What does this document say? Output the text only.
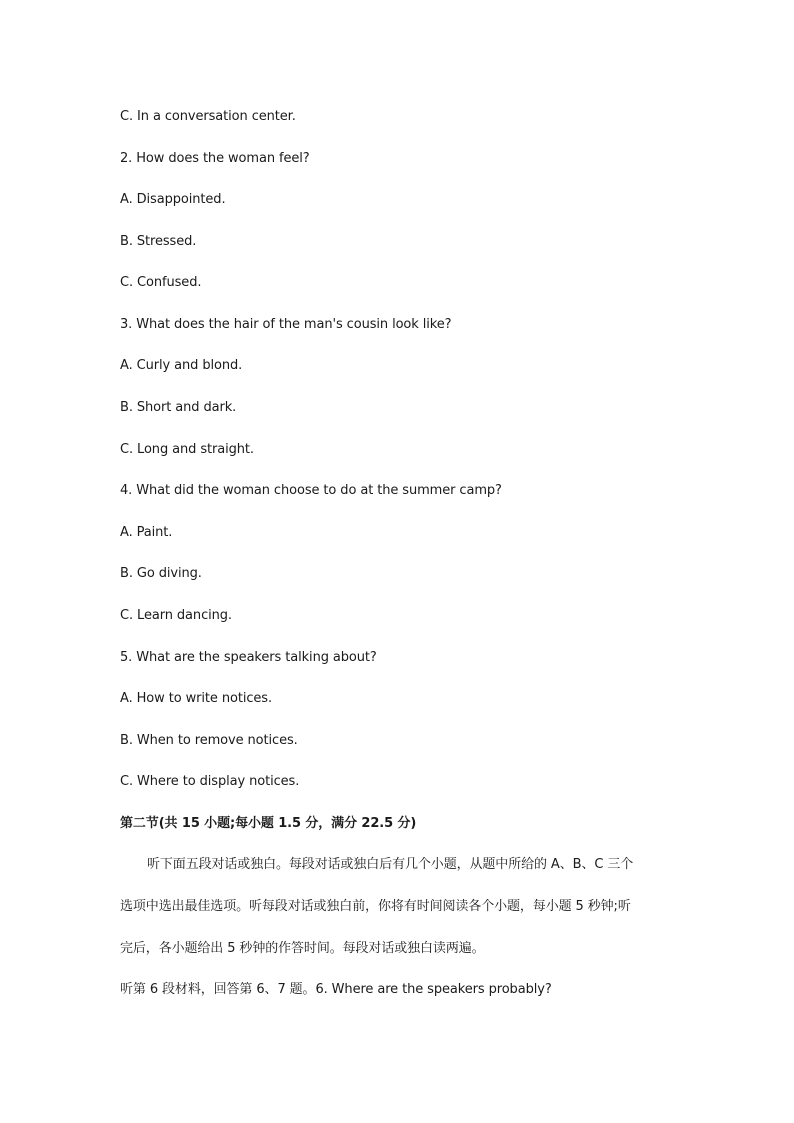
C. In a conversation center.
2. How does the woman feel?
A. Disappointed.
B. Stressed.
C. Confused.
3. What does the hair of the man's cousin look like?
A. Curly and blond.
B. Short and dark.
C. Long and straight.
4. What did the woman choose to do at the summer camp?
A. Paint.
B. Go diving.
C. Learn dancing.
5. What are the speakers talking about?
A. How to write notices.
B. When to remove notices.
C. Where to display notices.
第二节(共 15 小题;每小题 1.5 分，满分 22.5 分)
听下面五段对话或独白。每段对话或独白后有几个小题，从题中所给的 A、B、C 三个
选项中选出最佳选项。听每段对话或独白前，你将有时间阅读各个小题，每小题 5 秒钟;听
完后，各小题给出 5 秒钟的作答时间。每段对话或独白读两遍。
听第 6 段材料，回答第 6、7 题。6. Where are the speakers probably?
